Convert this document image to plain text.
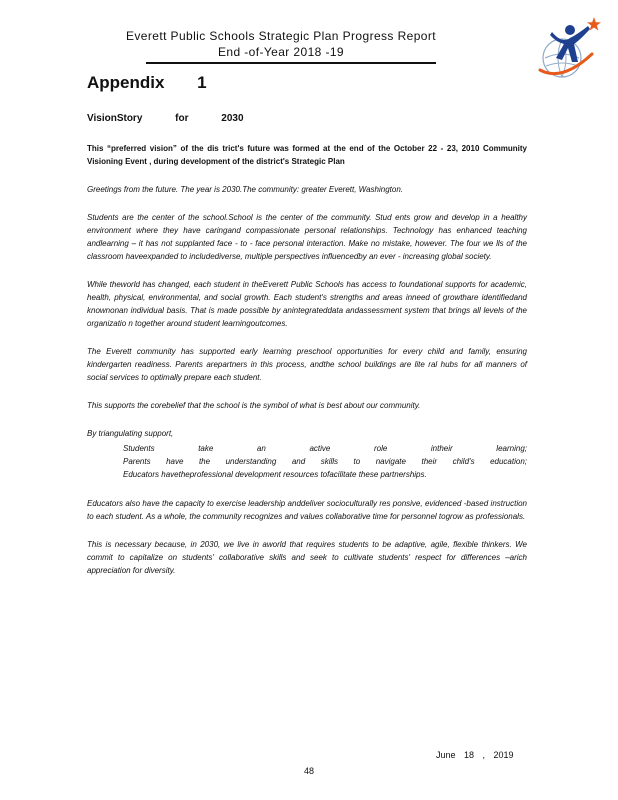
Everett Public Schools Strategic Plan Progress Report
End -of-Year 2018 -19
Appendix 1
VisionStory for 2030

This “preferred vision” of the dis trict's future was formed at the end of the October 22 - 23, 2010 Community Visioning Event , during development of the district's Strategic Plan

Greetings from the future. The year is 2030.The community: greater Everett, Washington.

Students are the center of the school.School is the center of the community. Stud ents grow and develop in a healthy environment where they have caringand compassionate personal relationships. Technology has enhanced teaching andlearning – it has not supplanted face - to - face personal interaction. Make no mistake, however. The four we lls of the classroom haveexpanded to includediverse, multiple perspectives influencedby an ever - increasing global society.

While theworld has changed, each student in theEverett Public Schools has access to foundational supports for academic, health, physical, environmental, and social growth. Each student's strengths and areas inneed of growthare identifiedand knownonan individual basis. That is made possible by anintegrateddata andassessment system that brings all levels of the organizatio n together around student learningoutcomes.

The Everett community has supported early learning preschool opportunities for every child and family, ensuring kindergarten readiness. Parents arepartners in this process, andthe school buildings are lite ral hubs for all manners of social services to optimally prepare each student.

This supports the corebelief that the school is the symbol of what is best about our community.

By triangulating support,

Students take an active role intheir learning;
Parents have the understanding and skills to navigate their child's education;
Educators havetheprofessional development resources tofacilitate these partnerships.

Educators also have the capacity to exercise leadership anddeliver socioculturally res ponsive, evidenced -based instruction to each student. As a whole, the community recognizes and values collaborative time for personnel togrow as professionals.

This is necessary because, in 2030, we live in aworld that requires students to be adaptive, agile, flexible thinkers. We commit to capitalize on students' collaborative skills and seek to cultivate students' respect for differences –arich appreciation for diversity.

June 18 , 2019
48
